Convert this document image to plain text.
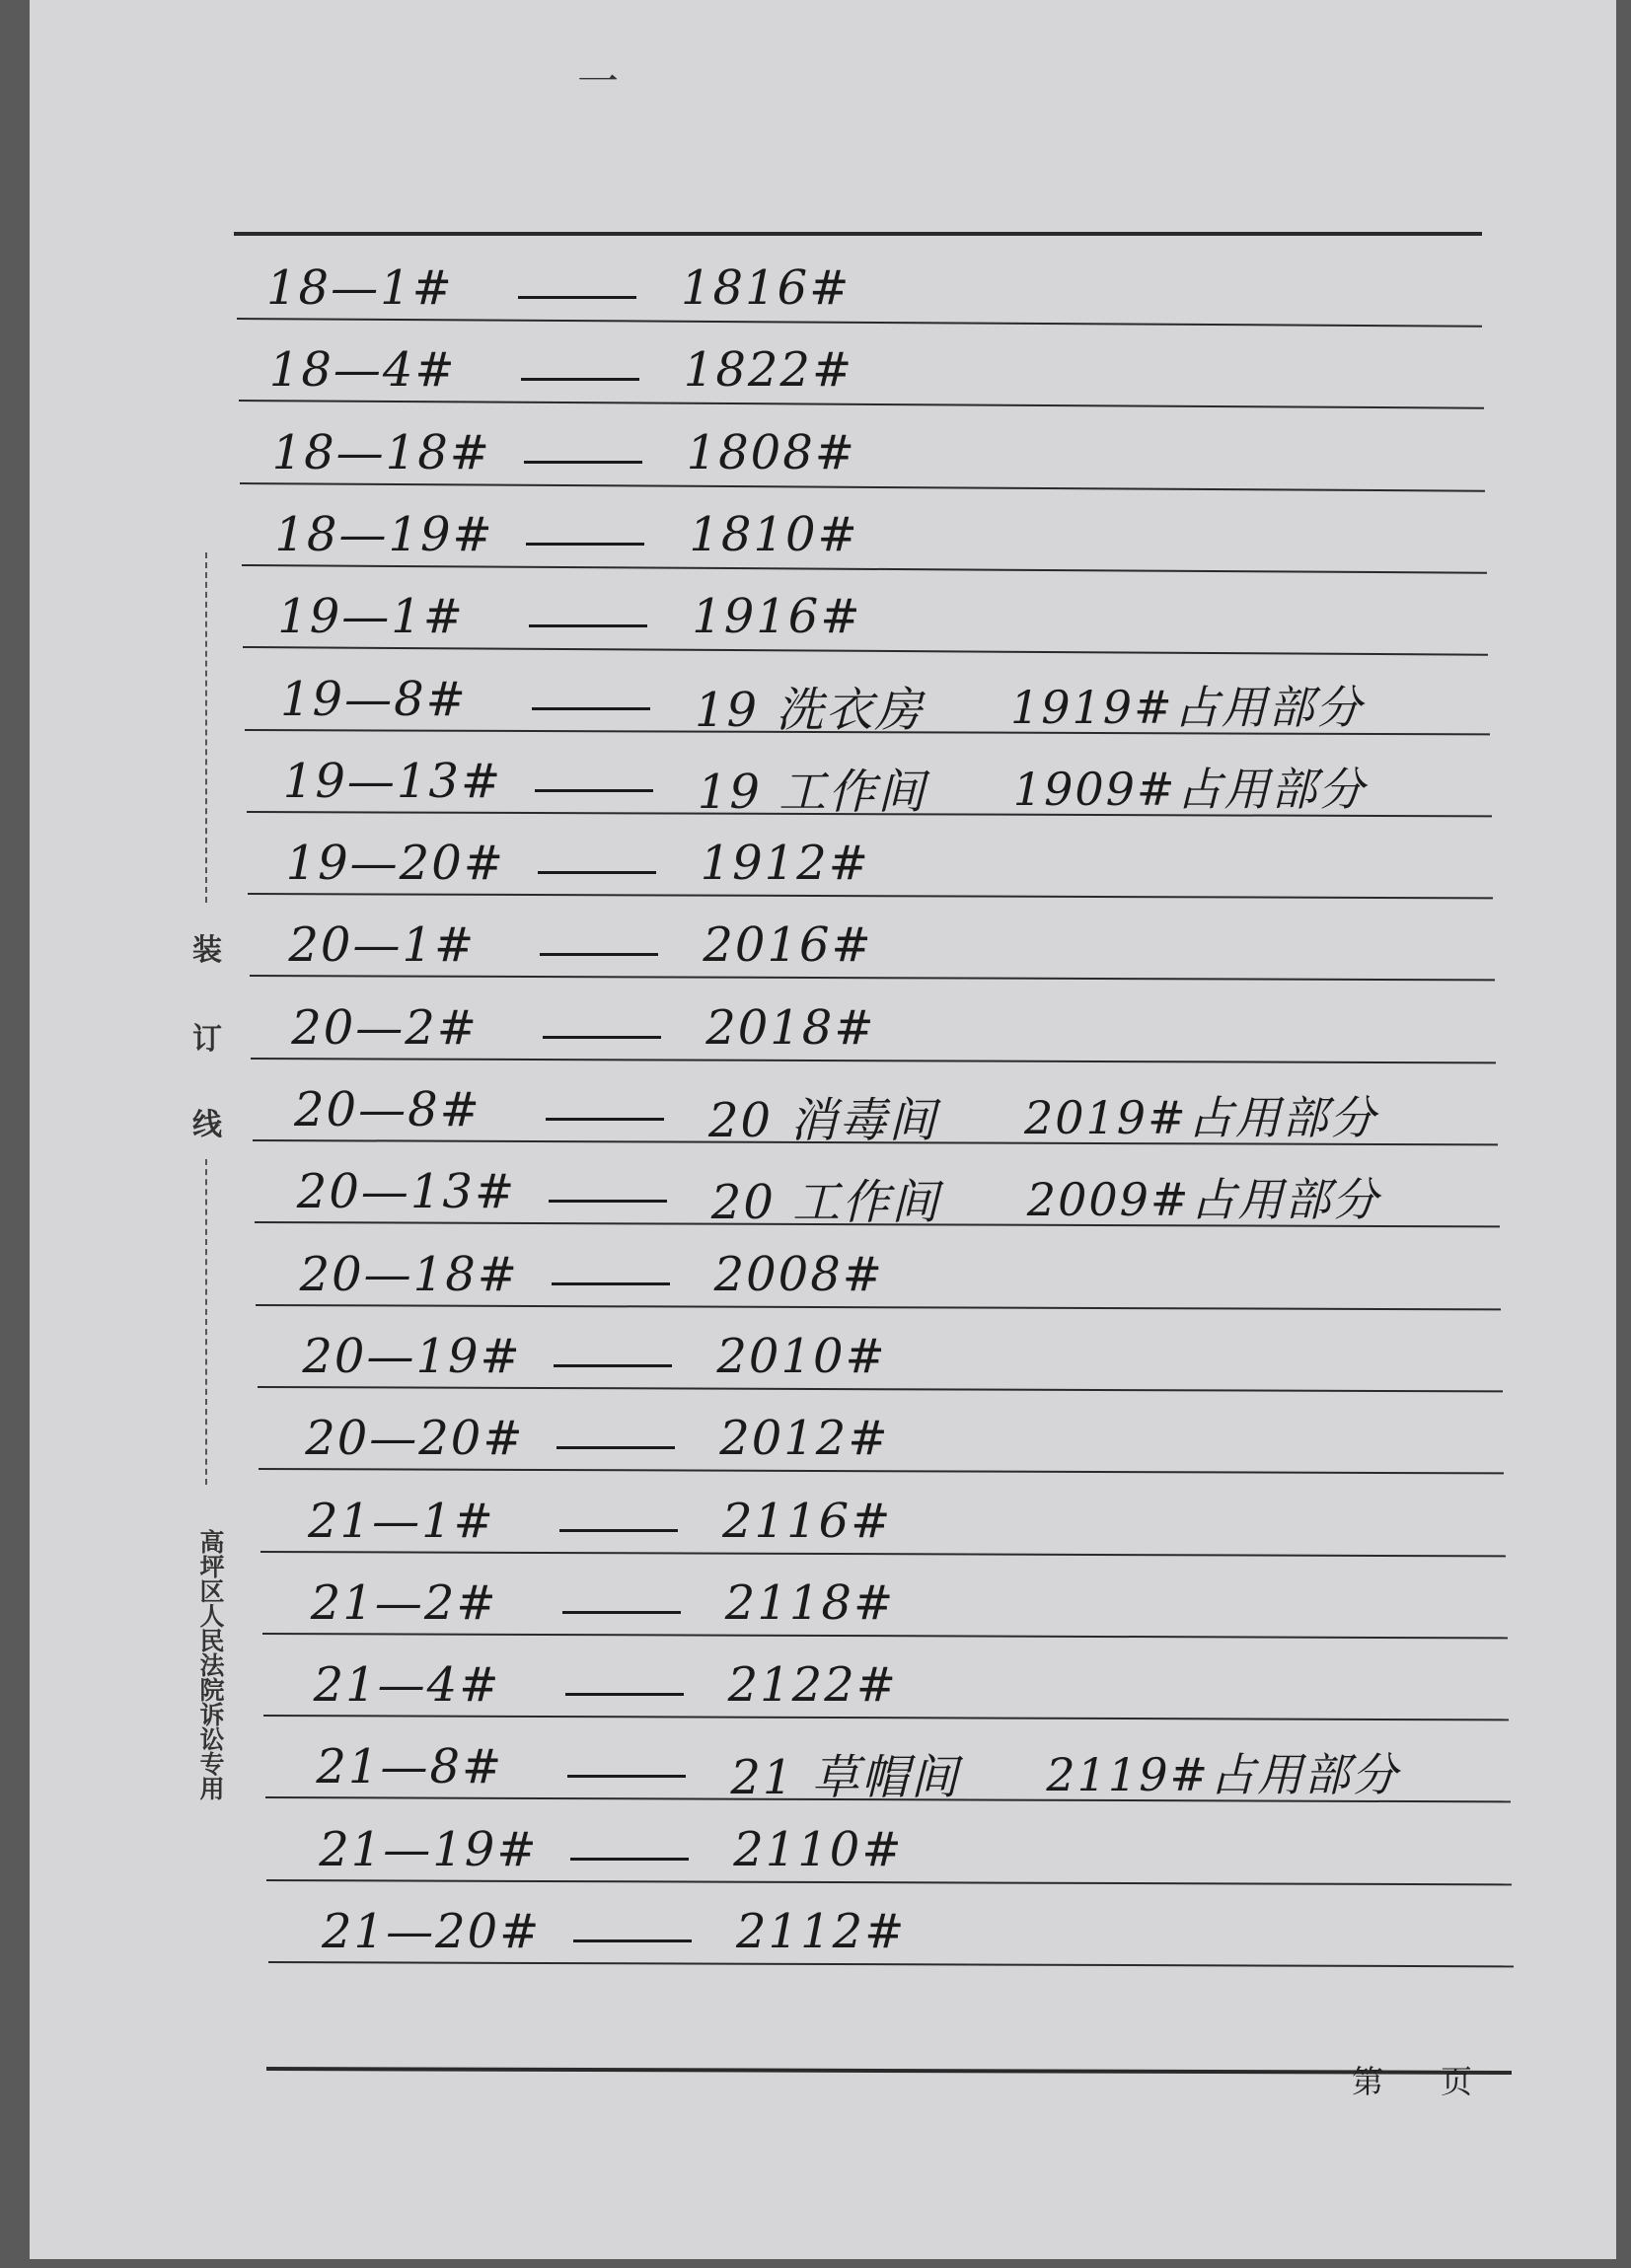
一
18—1#	1816#
18—4#	1822#
18—18#	1808#
18—19#	1810#
19—1#	1916#
19—8#	19 洗衣房 1919#占用部分
19—13#	19 工作间 1909#占用部分
19—20#	1912#
20—1#	2016#
20—2#	2018#
20—8#	20 消毒间 2019#占用部分
20—13#	20 工作间 2009#占用部分
20—18#	2008#
20—19#	2010#
20—20#	2012#
21—1#	2116#
21—2#	2118#
21—4#	2122#
21—8#	21 草帽间 2119#占用部分
21—19#	2110#
21—20#	2112#
第 页
装
订
线
高坪区人民法院诉讼专用
